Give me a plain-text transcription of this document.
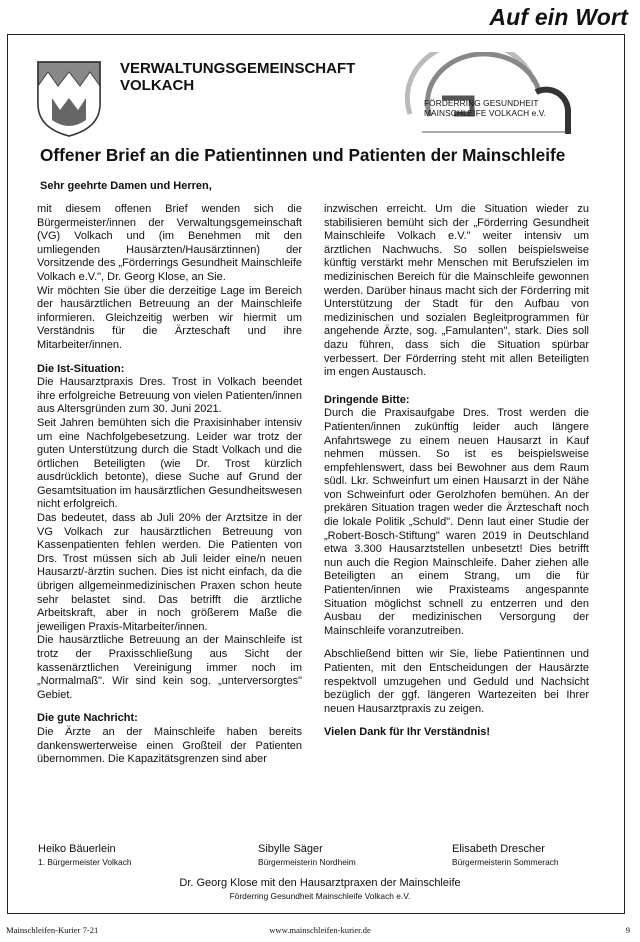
Auf ein Wort
VERWALTUNGSGEMEINSCHAFT
VOLKACH
FÖRDERRING GESUNDHEIT
MAINSCHLEIFE VOLKACH e.V.
Offener Brief an die Patientinnen und Patienten der Mainschleife
Sehr geehrte Damen und Herren,

mit diesem offenen Brief wenden sich die Bürgermeister/innen der Verwaltungsgemeinschaft (VG) Volkach und (im Benehmen mit den umliegenden Hausärzten/Hausärztinnen) der Vorsitzende des „Förderrings Gesundheit Mainschleife Volkach e.V.", Dr. Georg Klose, an Sie.

Wir möchten Sie über die derzeitige Lage im Bereich der hausärztlichen Betreuung an der Mainschleife informieren. Gleichzeitig werben wir hiermit um Verständnis für die Ärzteschaft und ihre Mitarbeiter/innen.

Die Ist-Situation:

Die Hausarztpraxis Dres. Trost in Volkach beendet ihre erfolgreiche Betreuung von vielen Patienten/innen aus Altersgründen zum 30. Juni 2021.

Seit Jahren bemühten sich die Praxisinhaber intensiv um eine Nachfolgebesetzung. Leider war trotz der guten Unterstützung durch die Stadt Volkach und die örtlichen Beteiligten (wie Dr. Trost kürzlich ausdrücklich betonte), diese Suche auf Grund der Gesamtsituation im hausärztlichen Gesundheitswesen nicht erfolgreich.

Das bedeutet, dass ab Juli 20% der Arztsitze in der VG Volkach zur hausärztlichen Betreuung von Kassenpatienten fehlen werden. Die Patienten von Drs. Trost müssen sich ab Juli leider eine/n neuen Hausarzt/-ärztin suchen. Dies ist nicht einfach, da die übrigen allgemeinmedizinischen Praxen schon heute sehr belastet sind. Das betrifft die ärztliche Arbeitskraft, aber in noch größerem Maße die jeweiligen Praxis-Mitarbeiter/innen.

Die hausärztliche Betreuung an der Mainschleife ist trotz der Praxisschließung aus Sicht der kassenärztlichen Vereinigung immer noch im „Normalmaß". Wir sind kein sog. „unterversorgtes" Gebiet.

Die gute Nachricht:

Die Ärzte an der Mainschleife haben bereits dankenswerterweise einen Großteil der Patienten übernommen. Die Kapazitätsgrenzen sind aber

inzwischen erreicht. Um die Situation wieder zu stabilisieren bemüht sich der „Förderring Gesundheit Mainschleife Volkach e.V." weiter intensiv um ärztlichen Nachwuchs. So sollen beispielsweise künftig verstärkt mehr Menschen mit Berufszielen im medizinischen Bereich für die Mainschleife gewonnen werden. Darüber hinaus macht sich der Förderring mit Unterstützung der Stadt für den Aufbau von medizinischen und sozialen Begleitprogrammen für angehende Ärzte, sog. „Famulanten", stark. Dies soll dazu führen, dass sich die Situation spürbar verbessert. Der Förderring steht mit allen Beteiligten im engen Austausch.

Dringende Bitte:

Durch die Praxisaufgabe Dres. Trost werden die Patienten/innen zukünftig leider auch längere Anfahrtswege zu einem neuen Hausarzt in Kauf nehmen müssen. So ist es beispielsweise empfehlenswert, dass bei Bewohner aus dem Raum südl. Lkr. Schweinfurt um einen Hausarzt in der Nähe von Schweinfurt oder Gerolzhofen bemühen. An der prekären Situation tragen weder die Ärzteschaft noch die lokale Politik „Schuld". Denn laut einer Studie der „Robert-Bosch-Stiftung" waren 2019 in Deutschland etwa 3.300 Hausarztstellen unbesetzt! Dies betrifft nun auch die Region Mainschleife. Daher ziehen alle Beteiligten an einem Strang, um die für Patienten/innen wie Praxisteams angespannte Situation möglichst schnell zu entzerren und den Ausbau der medizinischen Versorgung der Mainschleife voranzutreiben.

Abschließend bitten wir Sie, liebe Patientinnen und Patienten, mit den Entscheidungen der Hausärzte respektvoll umzugehen und Geduld und Nachsicht bezüglich der ggf. längeren Wartezeiten bei Ihrer neuen Hausarztpraxis zu zeigen.

Vielen Dank für Ihr Verständnis!

Heiko Bäuerlein
1. Bürgermeister Volkach
Sibylle Säger
Bürgermeisterin Nordheim
Elisabeth Drescher
Bürgermeisterin Sommerach
Dr. Georg Klose mit den Hausarztpraxen der Mainschleife
Förderring Gesundheit Mainschleife Volkach e.V.
Mainschleifen-Kurier 7-21	www.mainschleifen-kurier.de	9
